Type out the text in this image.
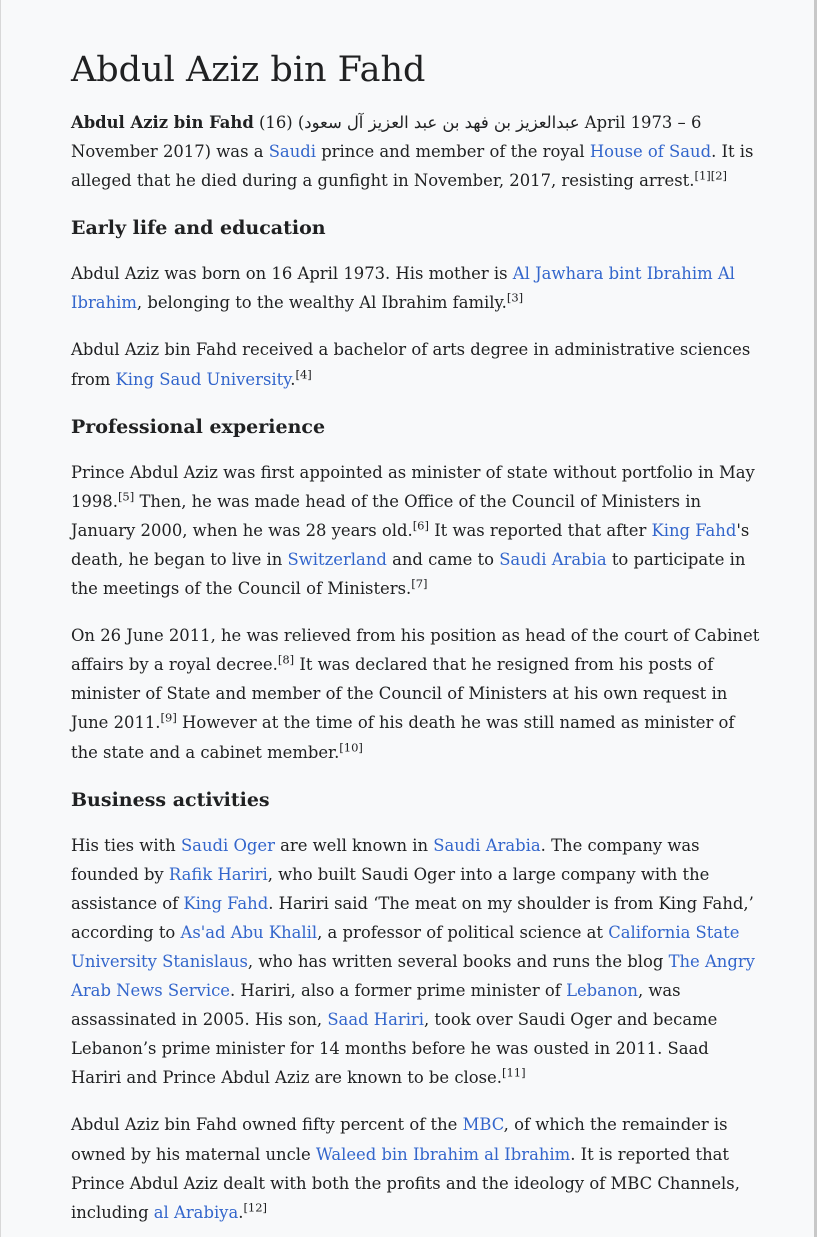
Abdul Aziz bin Fahd

Abdul Aziz bin Fahd (16) (عبدالعزيز بن فهد بن عبد العزيز آل سعود April 1973 – 6 November 2017) was a Saudi prince and member of the royal House of Saud. It is alleged that he died during a gunfight in November, 2017, resisting arrest.[1][2]

Early life and education

Abdul Aziz was born on 16 April 1973. His mother is Al Jawhara bint Ibrahim Al Ibrahim, belonging to the wealthy Al Ibrahim family.[3]

Abdul Aziz bin Fahd received a bachelor of arts degree in administrative sciences from King Saud University.[4]

Professional experience

Prince Abdul Aziz was first appointed as minister of state without portfolio in May 1998.[5] Then, he was made head of the Office of the Council of Ministers in January 2000, when he was 28 years old.[6] It was reported that after King Fahd's death, he began to live in Switzerland and came to Saudi Arabia to participate in the meetings of the Council of Ministers.[7]

On 26 June 2011, he was relieved from his position as head of the court of Cabinet affairs by a royal decree.[8] It was declared that he resigned from his posts of minister of State and member of the Council of Ministers at his own request in June 2011.[9] However at the time of his death he was still named as minister of the state and a cabinet member.[10]

Business activities

His ties with Saudi Oger are well known in Saudi Arabia. The company was founded by Rafik Hariri, who built Saudi Oger into a large company with the assistance of King Fahd. Hariri said ‘The meat on my shoulder is from King Fahd,’ according to As'ad Abu Khalil, a professor of political science at California State University Stanislaus, who has written several books and runs the blog The Angry Arab News Service. Hariri, also a former prime minister of Lebanon, was assassinated in 2005. His son, Saad Hariri, took over Saudi Oger and became Lebanon’s prime minister for 14 months before he was ousted in 2011. Saad Hariri and Prince Abdul Aziz are known to be close.[11]

Abdul Aziz bin Fahd owned fifty percent of the MBC, of which the remainder is owned by his maternal uncle Waleed bin Ibrahim al Ibrahim. It is reported that Prince Abdul Aziz dealt with both the profits and the ideology of MBC Channels, including al Arabiya.[12]
